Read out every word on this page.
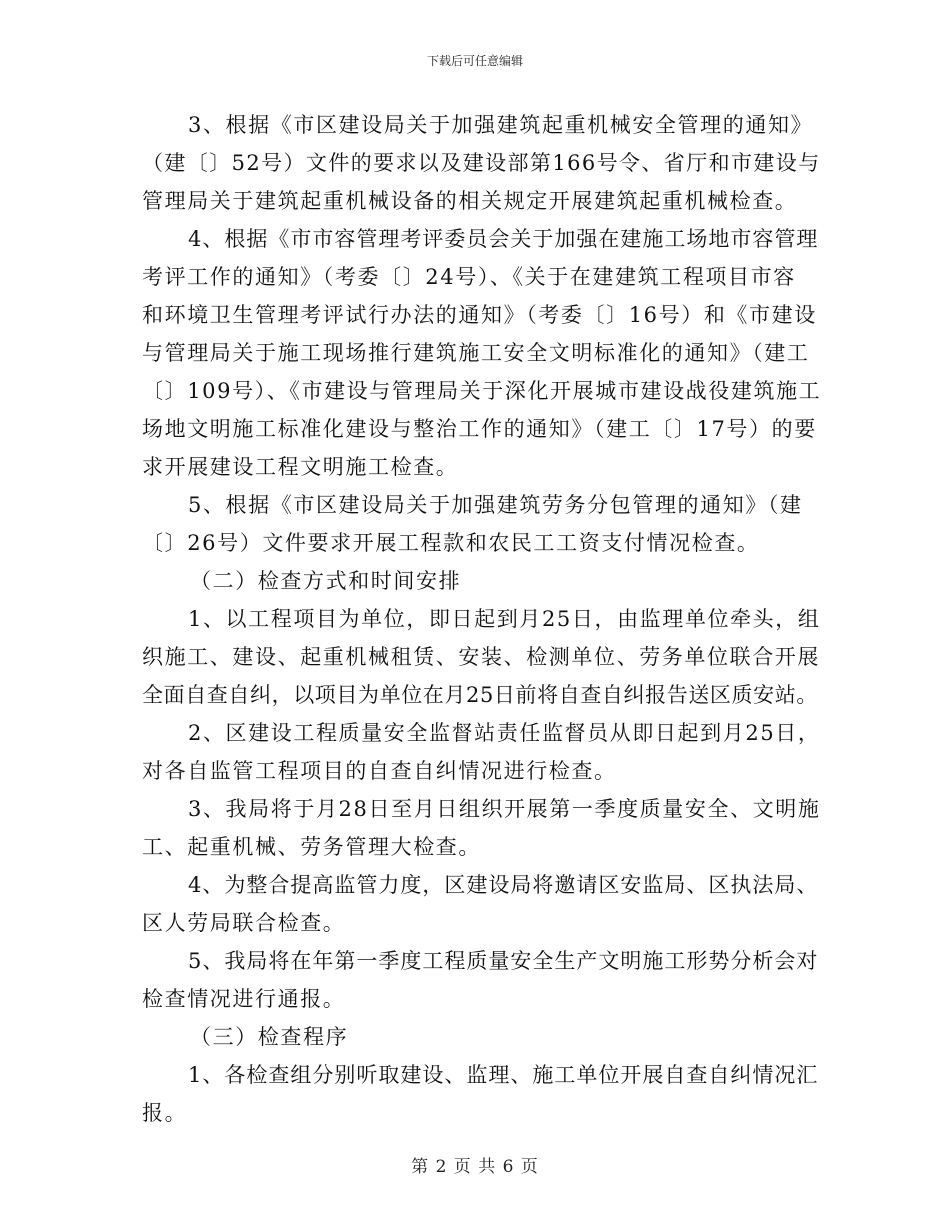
下载后可任意编辑
3、根据《市区建设局关于加强建筑起重机械安全管理的通知》
（建〔〕52号）文件的要求以及建设部第166号令、省厅和市建设与
管理局关于建筑起重机械设备的相关规定开展建筑起重机械检查。
4、根据《市市容管理考评委员会关于加强在建施工场地市容管理
考评工作的通知》（考委〔〕24号）、《关于在建建筑工程项目市容
和环境卫生管理考评试行办法的通知》（考委〔〕16号）和《市建设
与管理局关于施工现场推行建筑施工安全文明标准化的通知》（建工
〔〕109号）、《市建设与管理局关于深化开展城市建设战役建筑施工
场地文明施工标准化建设与整治工作的通知》（建工〔〕17号）的要
求开展建设工程文明施工检查。
5、根据《市区建设局关于加强建筑劳务分包管理的通知》（建
〔〕26号）文件要求开展工程款和农民工工资支付情况检查。
（二）检查方式和时间安排
1、以工程项目为单位，即日起到月25日，由监理单位牵头，组
织施工、建设、起重机械租赁、安装、检测单位、劳务单位联合开展
全面自查自纠，以项目为单位在月25日前将自查自纠报告送区质安站。
2、区建设工程质量安全监督站责任监督员从即日起到月25日，
对各自监管工程项目的自查自纠情况进行检查。
3、我局将于月28日至月日组织开展第一季度质量安全、文明施
工、起重机械、劳务管理大检查。
4、为整合提高监管力度，区建设局将邀请区安监局、区执法局、
区人劳局联合检查。
5、我局将在年第一季度工程质量安全生产文明施工形势分析会对
检查情况进行通报。
（三）检查程序
1、各检查组分别听取建设、监理、施工单位开展自查自纠情况汇
报。
第 2 页 共 6 页
